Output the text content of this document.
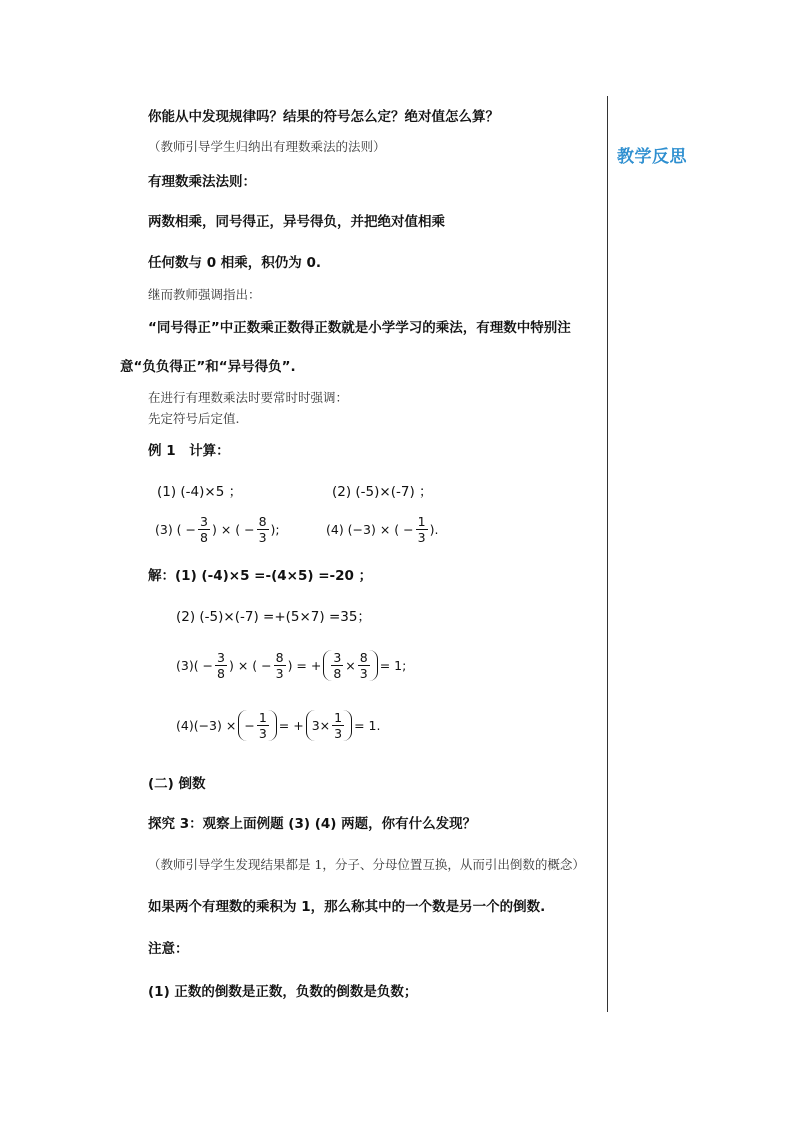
教学反思
你能从中发现规律吗？结果的符号怎么定？绝对值怎么算？
（教师引导学生归纳出有理数乘法的法则）
有理数乘法法则：
两数相乘，同号得正，异号得负，并把绝对值相乘
任何数与 0 相乘，积仍为 0.
继而教师强调指出：
“同号得正”中正数乘正数得正数就是小学学习的乘法，有理数中特别注
意“负负得正”和“异号得负”.
在进行有理数乘法时要常时时强调：
先定符号后定值.
例 1　计算：
(1) (-4)×5 ；	(2) (-5)×(-7) ；
(3) ( − $\frac{3}{8}$ ) × ( − $\frac{8}{3}$ );	(4) (−3) × ( − $\frac{1}{3}$ ).
解：(1) (-4)×5 =-(4×5) =-20 ；
(2) (-5)×(-7) =+(5×7) =35；
$(3)( - \frac{3}{8}$ ) × ( − $\frac{8}{3}$ ) = + $\frac{3}{8} \times \frac{8}{3} = 1$;
(4)(−3) × − $\frac{1}{3}$ = + $3\times \frac{1}{3} = 1$.
(二) 倒数
探究 3：观察上面例题 (3) (4) 两题，你有什么发现？
（教师引导学生发现结果都是 1，分子、分母位置互换，从而引出倒数的概念）
如果两个有理数的乘积为 1，那么称其中的一个数是另一个的倒数.
注意：
(1) 正数的倒数是正数，负数的倒数是负数；
